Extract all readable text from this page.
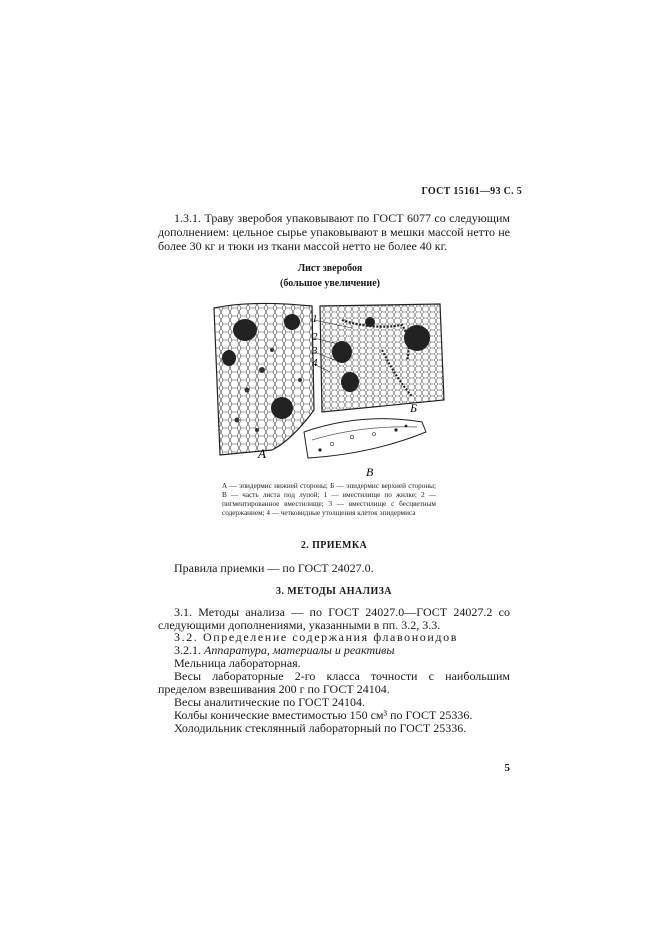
ГОСТ 15161—93 С. 5
1.3.1. Траву зверобоя упаковывают по ГОСТ 6077 со следующим дополнением: цельное сырье упаковывают в мешки массой нетто не более 30 кг и тюки из ткани массой нетто не более 40 кг.
Лист зверобоя
(большое увеличение)
1
2
3
4
А
Б
В
А — эпидермис нижней стороны; Б — эпидермис верхней стороны; В — часть листа под лупой; 1 — вместилище по жилке; 2 — пигментированное вместилище; 3 — вместилище с бесцветным содержанием; 4 — четковидные утолщения клеток эпидермиса
2. ПРИЕМКА
Правила приемки — по ГОСТ 24027.0.
3. МЕТОДЫ АНАЛИЗА
3.1. Методы анализа — по ГОСТ 24027.0—ГОСТ 24027.2 со следующими дополнениями, указанными в пп. 3.2, 3.3.
3.2. Определение содержания флавоноидов
3.2.1. Аппаратура, материалы и реактивы
Мельница лабораторная.
Весы лабораторные 2-го класса точности с наибольшим пределом взвешивания 200 г по ГОСТ 24104.
Весы аналитические по ГОСТ 24104.
Колбы конические вместимостью 150 см³ по ГОСТ 25336.
Холодильник стеклянный лабораторный по ГОСТ 25336.
5
